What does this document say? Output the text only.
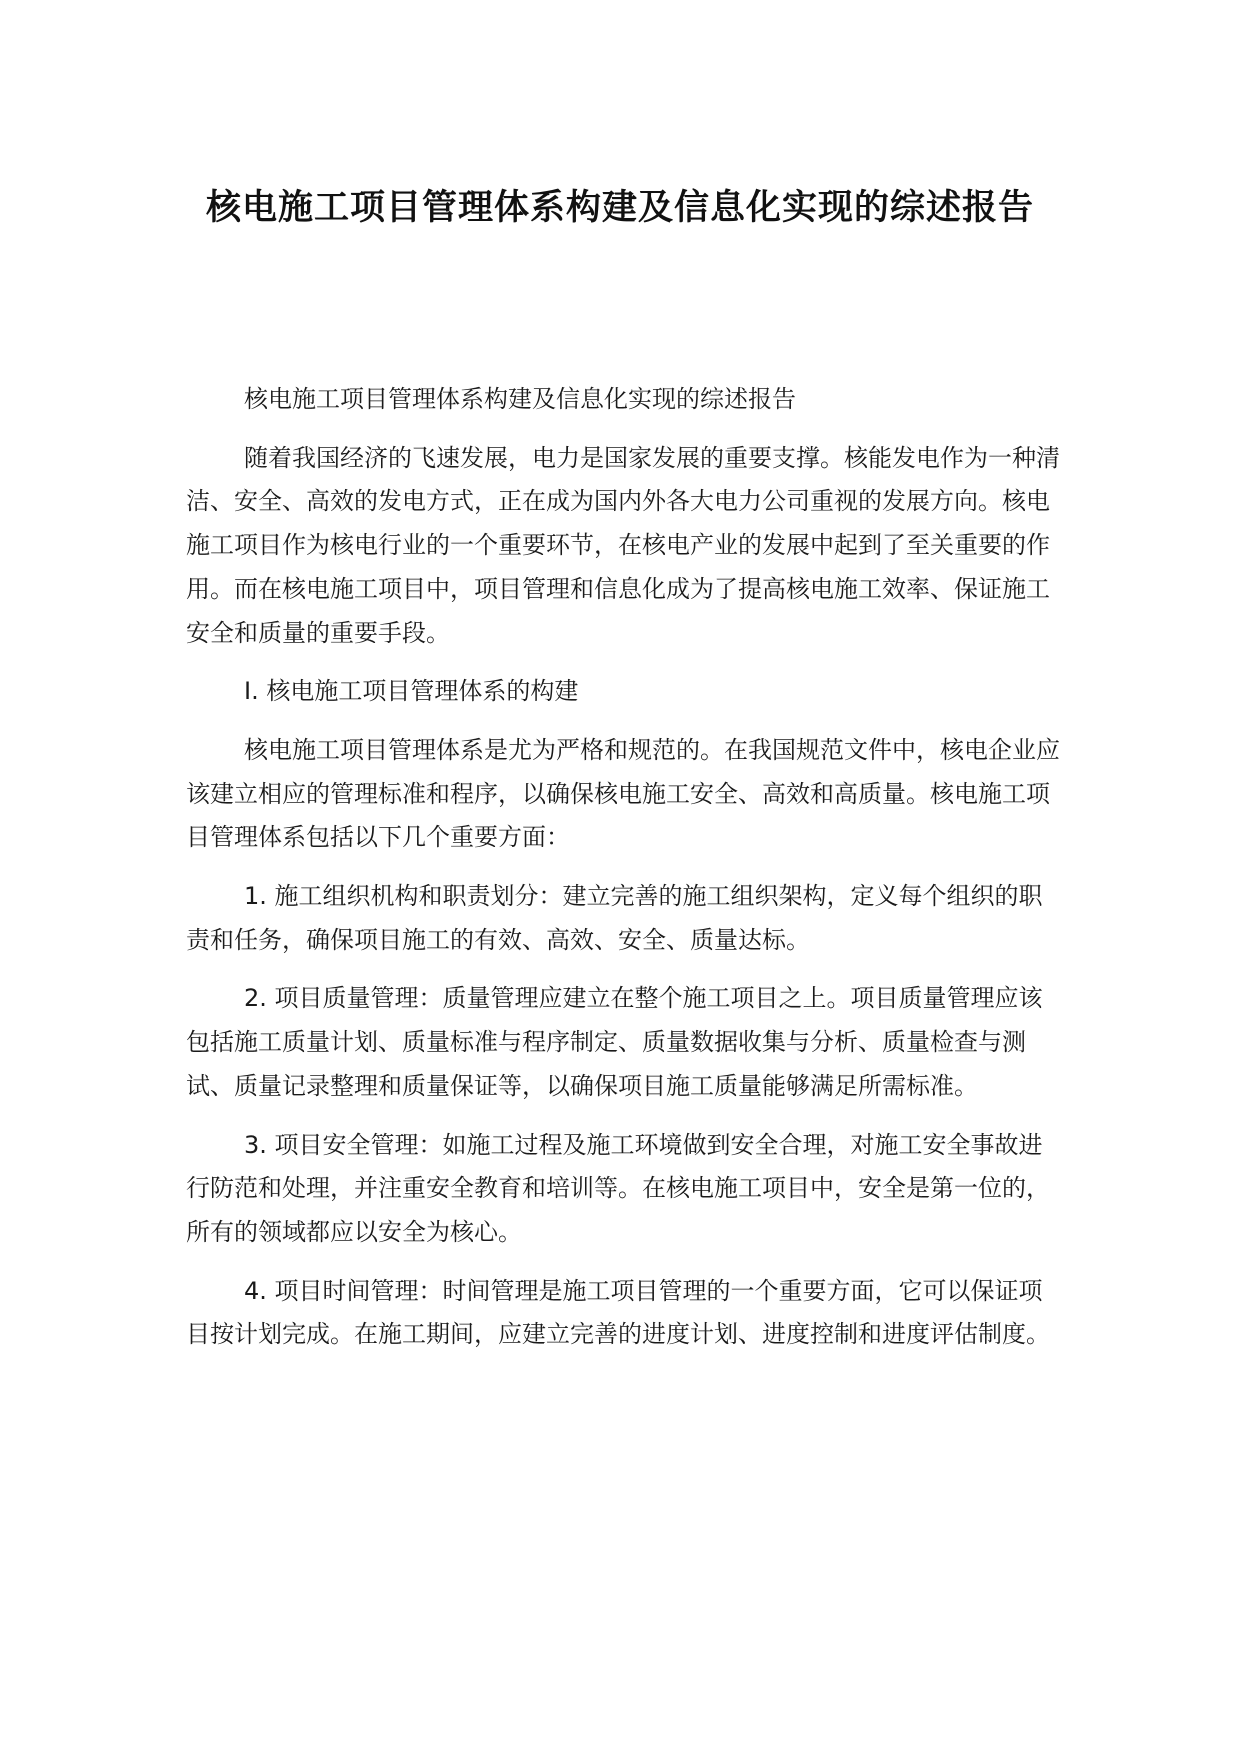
核电施工项目管理体系构建及信息化实现的综述报告

核电施工项目管理体系构建及信息化实现的综述报告

随着我国经济的飞速发展，电力是国家发展的重要支撑。核能发电作为一种清洁、安全、高效的发电方式，正在成为国内外各大电力公司重视的发展方向。核电施工项目作为核电行业的一个重要环节，在核电产业的发展中起到了至关重要的作用。而在核电施工项目中，项目管理和信息化成为了提高核电施工效率、保证施工安全和质量的重要手段。

I. 核电施工项目管理体系的构建

核电施工项目管理体系是尤为严格和规范的。在我国规范文件中，核电企业应该建立相应的管理标准和程序，以确保核电施工安全、高效和高质量。核电施工项目管理体系包括以下几个重要方面：

1. 施工组织机构和职责划分：建立完善的施工组织架构，定义每个组织的职责和任务，确保项目施工的有效、高效、安全、质量达标。

2. 项目质量管理：质量管理应建立在整个施工项目之上。项目质量管理应该包括施工质量计划、质量标准与程序制定、质量数据收集与分析、质量检查与测试、质量记录整理和质量保证等，以确保项目施工质量能够满足所需标准。

3. 项目安全管理：如施工过程及施工环境做到安全合理，对施工安全事故进行防范和处理，并注重安全教育和培训等。在核电施工项目中，安全是第一位的，所有的领域都应以安全为核心。

4. 项目时间管理：时间管理是施工项目管理的一个重要方面，它可以保证项目按计划完成。在施工期间，应建立完善的进度计划、进度控制和进度评估制度。
